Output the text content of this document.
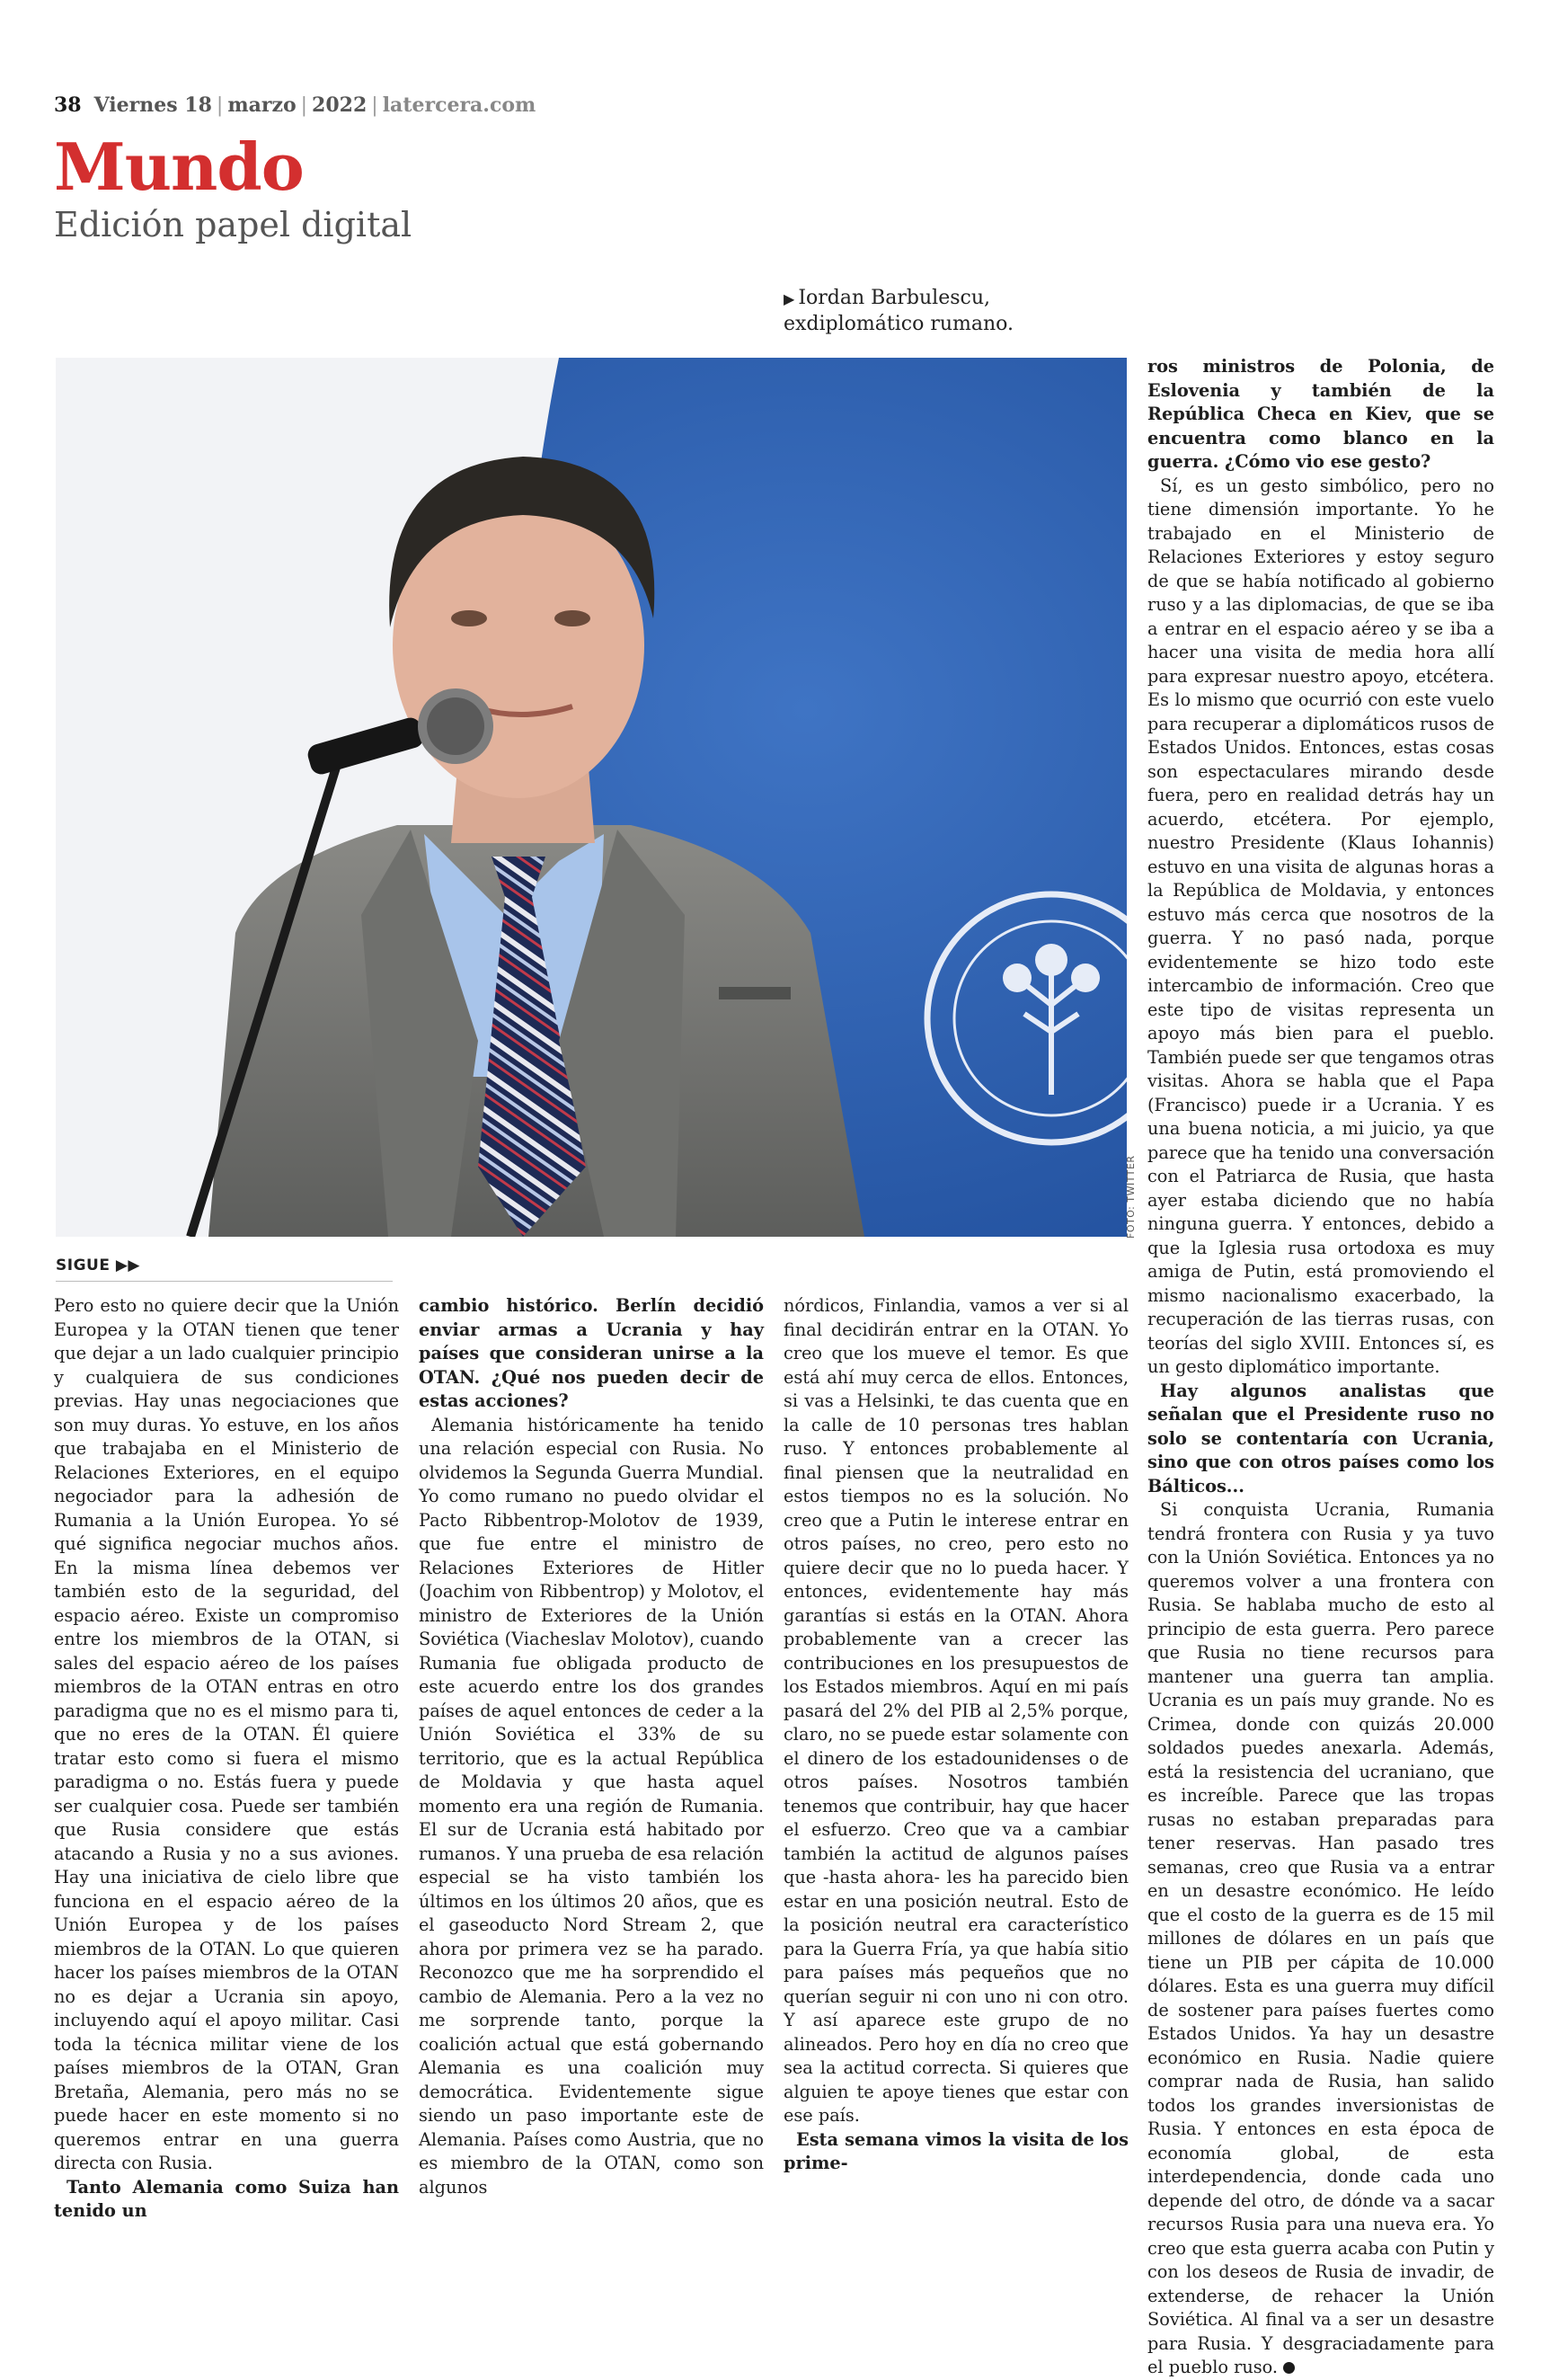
38 Viernes 18 | marzo | 2022 | latercera.com
Mundo
Edición papel digital
▶ Iordan Barbulescu, exdiplomático rumano.
FOTO: TWITTER
SIGUE ▶▶

Pero esto no quiere decir que la Unión Europea y la OTAN tienen que tener que dejar a un lado cualquier principio y cualquiera de sus condiciones previas. Hay unas negociaciones que son muy duras. Yo estuve, en los años que trabajaba en el Ministerio de Relaciones Exteriores, en el equipo negociador para la adhesión de Rumania a la Unión Europea. Yo sé qué significa negociar muchos años. En la misma línea debemos ver también esto de la seguridad, del espacio aéreo. Existe un compromiso entre los miembros de la OTAN, si sales del espacio aéreo de los países miembros de la OTAN entras en otro paradigma que no es el mismo para ti, que no eres de la OTAN. Él quiere tratar esto como si fuera el mismo paradigma o no. Estás fuera y puede ser cualquier cosa. Puede ser también que Rusia considere que estás atacando a Rusia y no a sus aviones. Hay una iniciativa de cielo libre que funciona en el espacio aéreo de la Unión Europea y de los países miembros de la OTAN. Lo que quieren hacer los países miembros de la OTAN no es dejar a Ucrania sin apoyo, incluyendo aquí el apoyo militar. Casi toda la técnica militar viene de los países miembros de la OTAN, Gran Bretaña, Alemania, pero más no se puede hacer en este momento si no queremos entrar en una guerra directa con Rusia.

Tanto Alemania como Suiza han tenido un

cambio histórico. Berlín decidió enviar armas a Ucrania y hay países que consideran unirse a la OTAN. ¿Qué nos pueden decir de estas acciones?

Alemania históricamente ha tenido una relación especial con Rusia. No olvidemos la Segunda Guerra Mundial. Yo como rumano no puedo olvidar el Pacto Ribbentrop-Molotov de 1939, que fue entre el ministro de Relaciones Exteriores de Hitler (Joachim von Ribbentrop) y Molotov, el ministro de Exteriores de la Unión Soviética (Viacheslav Molotov), cuando Rumania fue obligada producto de este acuerdo entre los dos grandes países de aquel entonces de ceder a la Unión Soviética el 33% de su territorio, que es la actual República de Moldavia y que hasta aquel momento era una región de Rumania. El sur de Ucrania está habitado por rumanos. Y una prueba de esa relación especial se ha visto también los últimos en los últimos 20 años, que es el gaseoducto Nord Stream 2, que ahora por primera vez se ha parado. Reconozco que me ha sorprendido el cambio de Alemania. Pero a la vez no me sorprende tanto, porque la coalición actual que está gobernando Alemania es una coalición muy democrática. Evidentemente sigue siendo un paso importante este de Alemania. Países como Austria, que no es miembro de la OTAN, como son algunos

nórdicos, Finlandia, vamos a ver si al final decidirán entrar en la OTAN. Yo creo que los mueve el temor. Es que está ahí muy cerca de ellos. Entonces, si vas a Helsinki, te das cuenta que en la calle de 10 personas tres hablan ruso. Y entonces probablemente al final piensen que la neutralidad en estos tiempos no es la solución. No creo que a Putin le interese entrar en otros países, no creo, pero esto no quiere decir que no lo pueda hacer. Y entonces, evidentemente hay más garantías si estás en la OTAN. Ahora probablemente van a crecer las contribuciones en los presupuestos de los Estados miembros. Aquí en mi país pasará del 2% del PIB al 2,5% porque, claro, no se puede estar solamente con el dinero de los estadounidenses o de otros países. Nosotros también tenemos que contribuir, hay que hacer el esfuerzo. Creo que va a cambiar también la actitud de algunos países que -hasta ahora- les ha parecido bien estar en una posición neutral. Esto de la posición neutral era característico para la Guerra Fría, ya que había sitio para países más pequeños que no querían seguir ni con uno ni con otro. Y así aparece este grupo de no alineados. Pero hoy en día no creo que sea la actitud correcta. Si quieres que alguien te apoye tienes que estar con ese país.

Esta semana vimos la visita de los prime-

ros ministros de Polonia, de Eslovenia y también de la República Checa en Kiev, que se encuentra como blanco en la guerra. ¿Cómo vio ese gesto?

Sí, es un gesto simbólico, pero no tiene dimensión importante. Yo he trabajado en el Ministerio de Relaciones Exteriores y estoy seguro de que se había notificado al gobierno ruso y a las diplomacias, de que se iba a entrar en el espacio aéreo y se iba a hacer una visita de media hora allí para expresar nuestro apoyo, etcétera. Es lo mismo que ocurrió con este vuelo para recuperar a diplomáticos rusos de Estados Unidos. Entonces, estas cosas son espectaculares mirando desde fuera, pero en realidad detrás hay un acuerdo, etcétera. Por ejemplo, nuestro Presidente (Klaus Iohannis) estuvo en una visita de algunas horas a la República de Moldavia, y entonces estuvo más cerca que nosotros de la guerra. Y no pasó nada, porque evidentemente se hizo todo este intercambio de información. Creo que este tipo de visitas representa un apoyo más bien para el pueblo. También puede ser que tengamos otras visitas. Ahora se habla que el Papa (Francisco) puede ir a Ucrania. Y es una buena noticia, a mi juicio, ya que parece que ha tenido una conversación con el Patriarca de Rusia, que hasta ayer estaba diciendo que no había ninguna guerra. Y entonces, debido a que la Iglesia rusa ortodoxa es muy amiga de Putin, está promoviendo el mismo nacionalismo exacerbado, la recuperación de las tierras rusas, con teorías del siglo XVIII. Entonces sí, es un gesto diplomático importante.

Hay algunos analistas que señalan que el Presidente ruso no solo se contentaría con Ucrania, sino que con otros países como los Bálticos...

Si conquista Ucrania, Rumania tendrá frontera con Rusia y ya tuvo con la Unión Soviética. Entonces ya no queremos volver a una frontera con Rusia. Se hablaba mucho de esto al principio de esta guerra. Pero parece que Rusia no tiene recursos para mantener una guerra tan amplia. Ucrania es un país muy grande. No es Crimea, donde con quizás 20.000 soldados puedes anexarla. Además, está la resistencia del ucraniano, que es increíble. Parece que las tropas rusas no estaban preparadas para tener reservas. Han pasado tres semanas, creo que Rusia va a entrar en un desastre económico. He leído que el costo de la guerra es de 15 mil millones de dólares en un país que tiene un PIB per cápita de 10.000 dólares. Esta es una guerra muy difícil de sostener para países fuertes como Estados Unidos. Ya hay un desastre económico en Rusia. Nadie quiere comprar nada de Rusia, han salido todos los grandes inversionistas de Rusia. Y entonces en esta época de economía global, de esta interdependencia, donde cada uno depende del otro, de dónde va a sacar recursos Rusia para una nueva era. Yo creo que esta guerra acaba con Putin y con los deseos de Rusia de invadir, de extenderse, de rehacer la Unión Soviética. Al final va a ser un desastre para Rusia. Y desgraciadamente para el pueblo ruso.
